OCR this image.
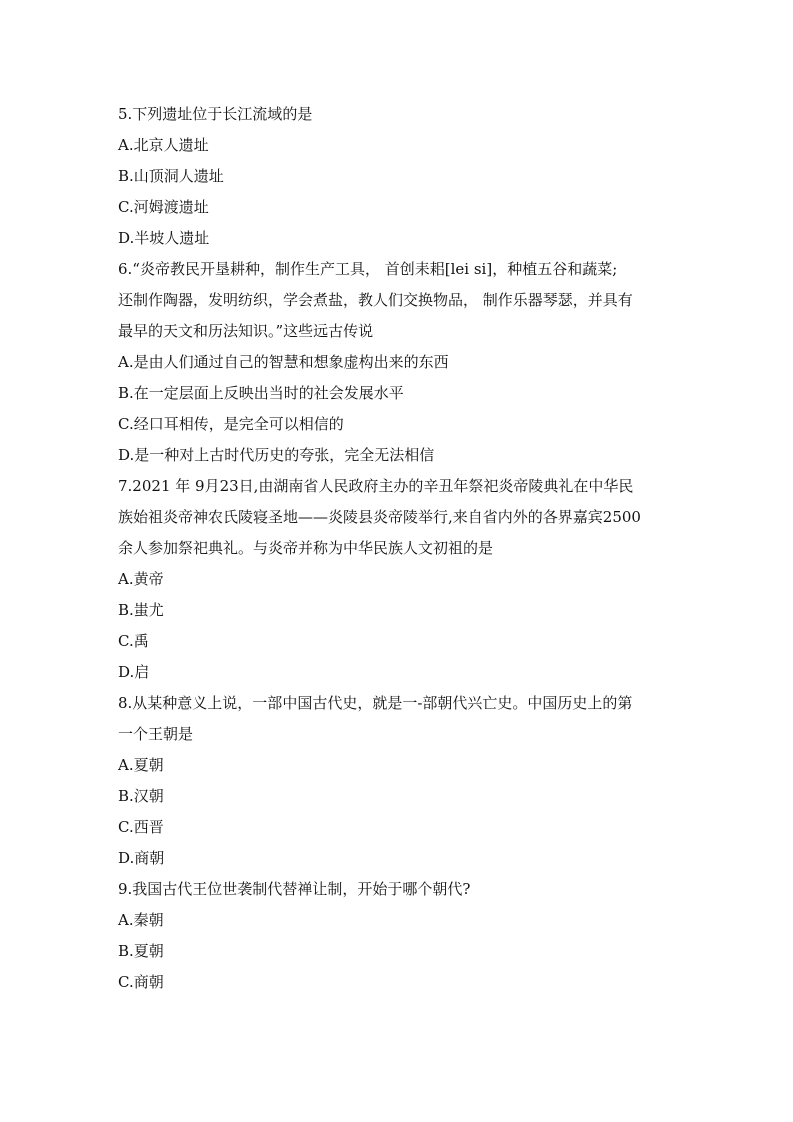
5.下列遗址位于长江流域的是
A.北京人遗址
B.山顶洞人遗址
C.河姆渡遗址
D.半坡人遗址
6.“炎帝教民开垦耕种，制作生产工具， 首创耒耜[lei si]，种植五谷和蔬菜;
还制作陶器，发明纺织，学会煮盐，教人们交换物品， 制作乐器琴瑟，并具有
最早的天文和历法知识。”这些远古传说
A.是由人们通过自己的智慧和想象虚构出来的东西
B.在一定层面上反映出当时的社会发展水平
C.经口耳相传，是完全可以相信的
D.是一种对上古时代历史的夸张，完全无法相信
7.2021 年 9月23日,由湖南省人民政府主办的辛丑年祭祀炎帝陵典礼在中华民
族始祖炎帝神农氏陵寝圣地——炎陵县炎帝陵举行,来自省内外的各界嘉宾2500
余人参加祭祀典礼。与炎帝并称为中华民族人文初祖的是
A.黄帝
B.蚩尤
C.禹
D.启
8.从某种意义上说，一部中国古代史，就是一-部朝代兴亡史。中国历史上的第
一个王朝是
A.夏朝
B.汉朝
C.西晋
D.商朝
9.我国古代王位世袭制代替禅让制，开始于哪个朝代?
A.秦朝
B.夏朝
C.商朝
